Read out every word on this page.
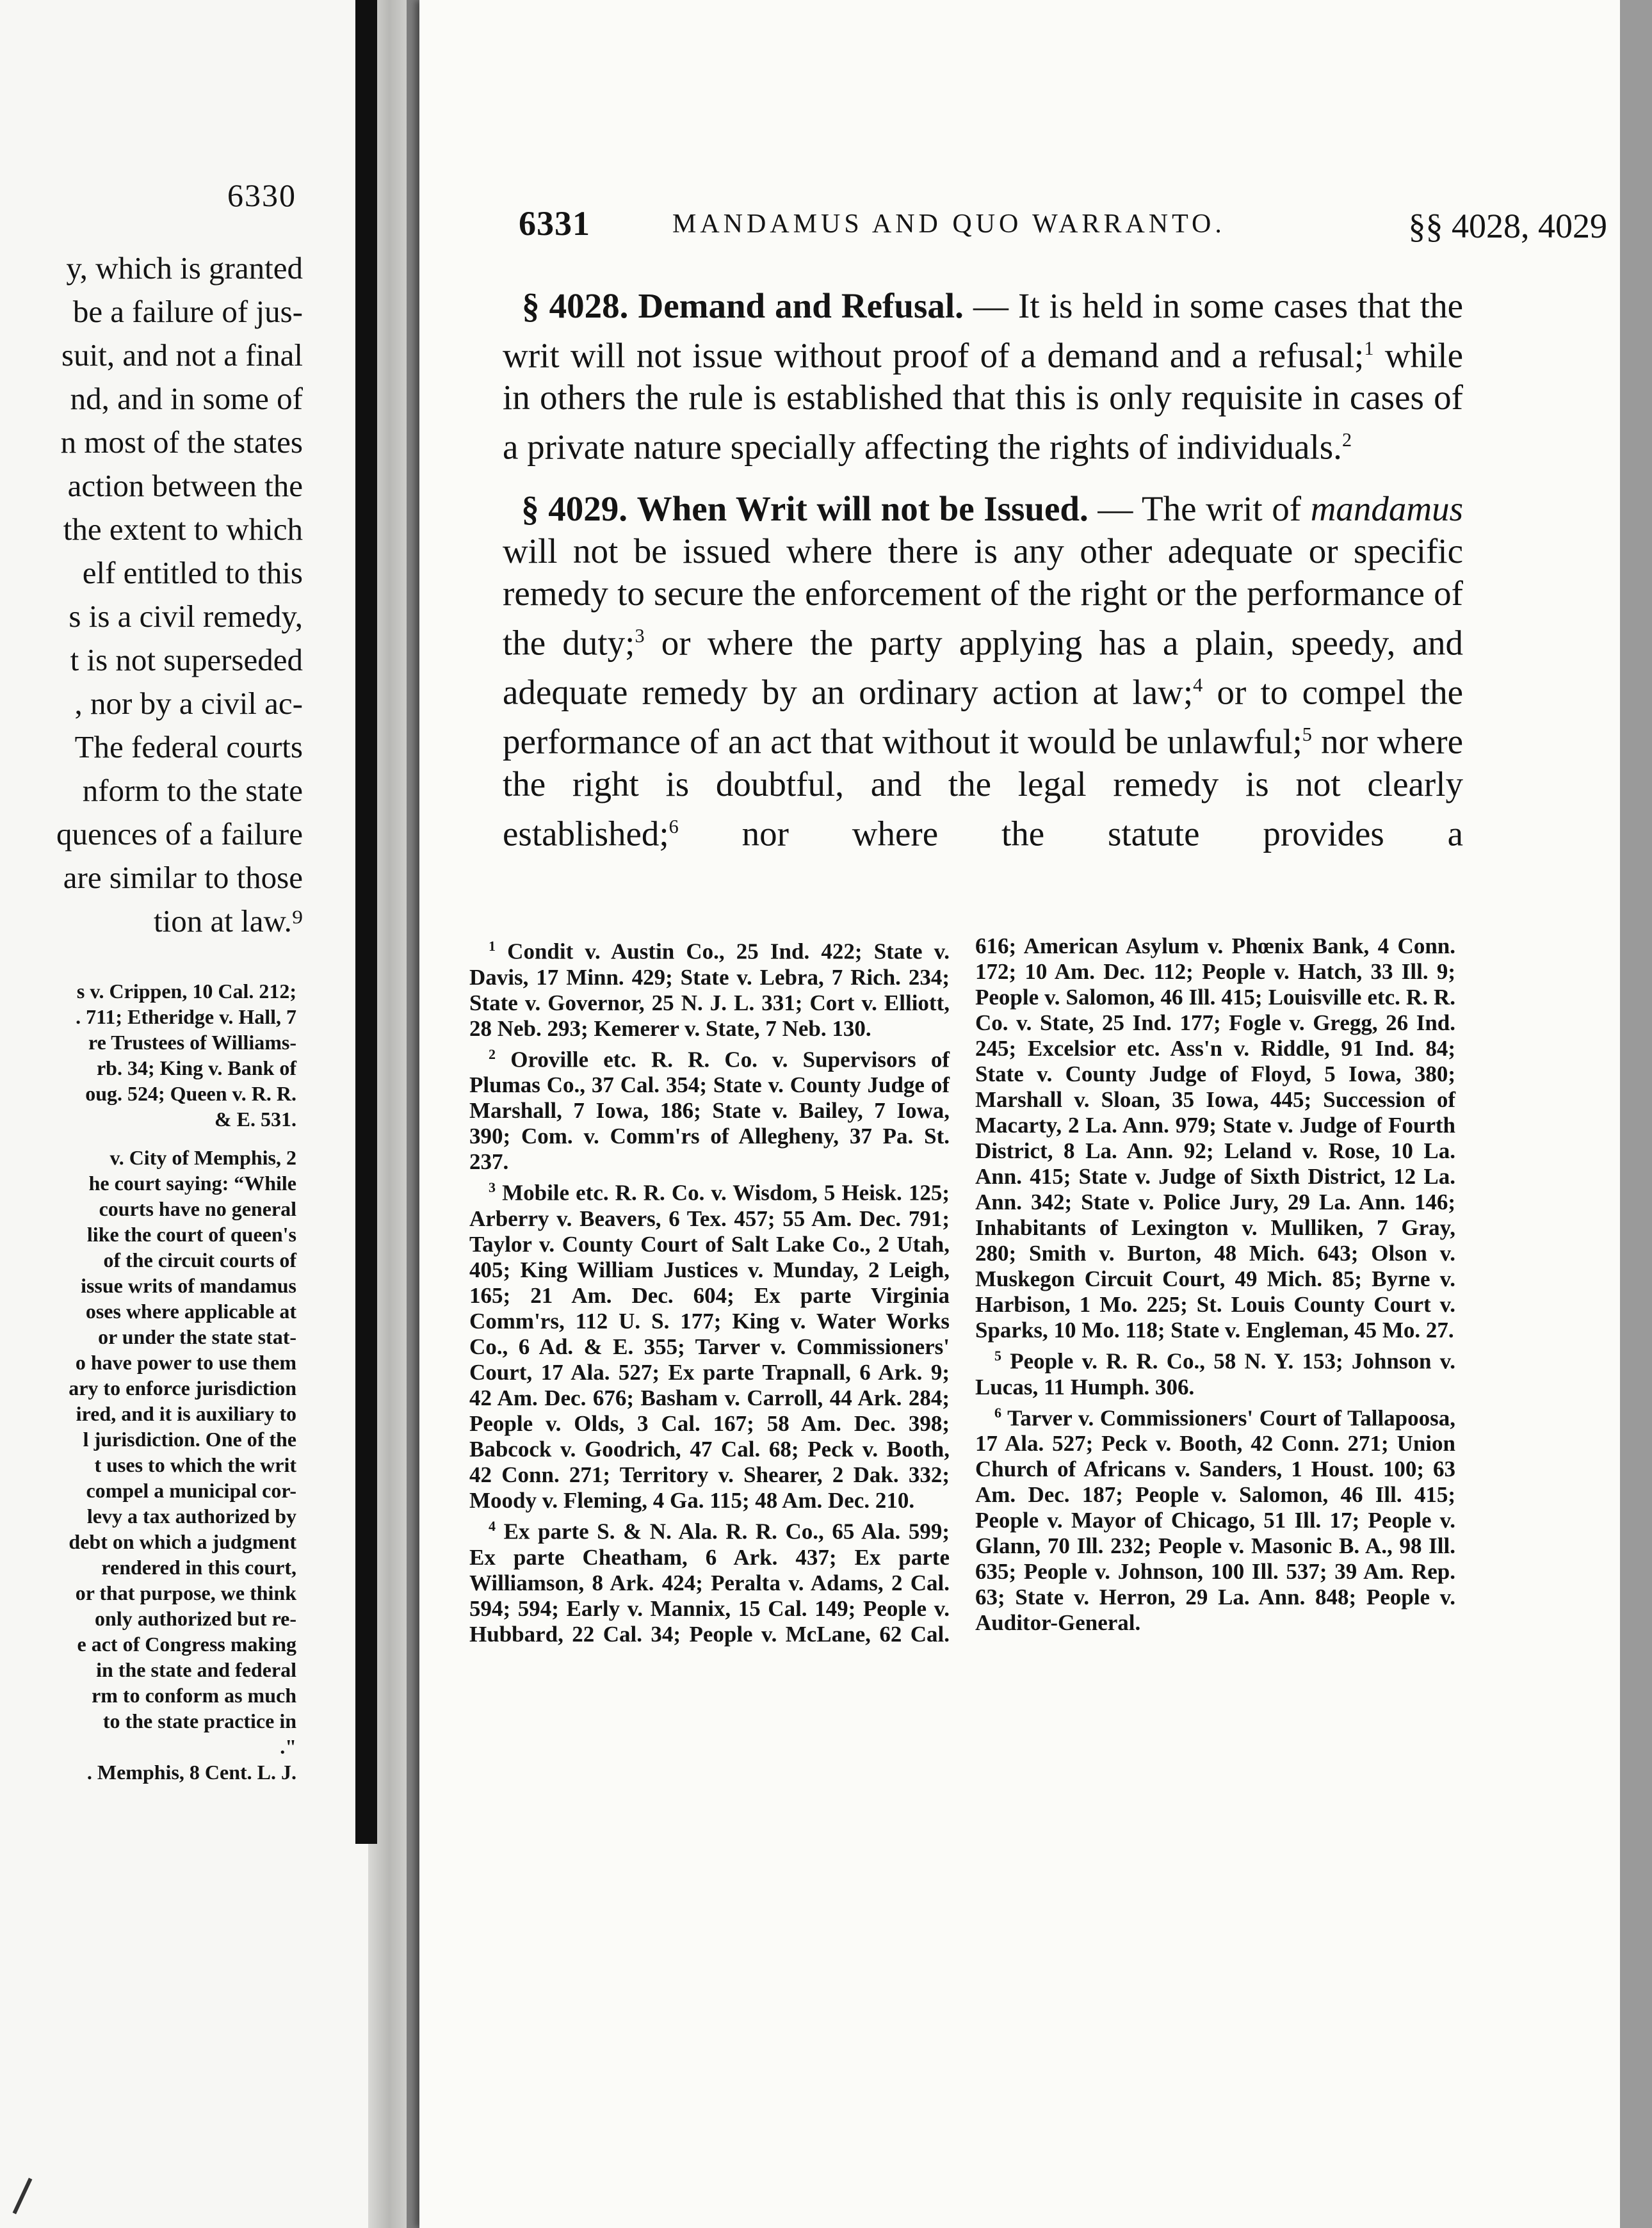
6330
y, which is granted
be a failure of jus-
suit, and not a final
nd, and in some of
n most of the states
action between the
the extent to which
elf entitled to this
s is a civil remedy,
t is not superseded
, nor by a civil ac-
The federal courts
nform to the state
quences of a failure
are similar to those
tion at law.⁹
s v. Crippen, 10 Cal. 212;
. 711; Etheridge v. Hall, 7
re Trustees of Williams-
rb. 34; King v. Bank of
oug. 524; Queen v. R. R.
& E. 531.
v. City of Memphis, 2
he court saying: “While
courts have no general
like the court of queen's
of the circuit courts of
issue writs of mandamus
oses where applicable at
or under the state stat-
o have power to use them
ary to enforce jurisdiction
ired, and it is auxiliary to
l jurisdiction. One of the
t uses to which the writ
compel a municipal cor-
levy a tax authorized by
debt on which a judgment
rendered in this court,
or that purpose, we think
only authorized but re-
e act of Congress making
in the state and federal
rm to conform as much
to the state practice in
."
. Memphis, 8 Cent. L. J.
6331	MANDAMUS AND QUO WARRANTO.	§§ 4028, 4029

§ 4028. Demand and Refusal. — It is held in some cases that the writ will not issue without proof of a demand and a refusal;$^1$ while in others the rule is established that this is only requisite in cases of a private nature specially affecting the rights of individuals.$^2$

§ 4029. When Writ will not be Issued. — The writ of mandamus will not be issued where there is any other adequate or specific remedy to secure the enforcement of the right or the performance of the duty;$^3$ or where the party applying has a plain, speedy, and adequate remedy by an ordinary action at law;$^4$ or to compel the performance of an act that without it would be unlawful;$^5$ nor where the right is doubtful, and the legal remedy is not clearly established;$^6$ nor where the statute provides a

$^1$ Condit v. Austin Co., 25 Ind. 422; State v. Davis, 17 Minn. 429; State v. Lebra, 7 Rich. 234; State v. Governor, 25 N. J. L. 331; Cort v. Elliott, 28 Neb. 293; Kemerer v. State, 7 Neb. 130.

$^2$ Oroville etc. R. R. Co. v. Supervisors of Plumas Co., 37 Cal. 354; State v. County Judge of Marshall, 7 Iowa, 186; State v. Bailey, 7 Iowa, 390; Com. v. Comm'rs of Allegheny, 37 Pa. St. 237.

$^3$ Mobile etc. R. R. Co. v. Wisdom, 5 Heisk. 125; Arberry v. Beavers, 6 Tex. 457; 55 Am. Dec. 791; Taylor v. County Court of Salt Lake Co., 2 Utah, 405; King William Justices v. Munday, 2 Leigh, 165; 21 Am. Dec. 604; Ex parte Virginia Comm'rs, 112 U. S. 177; King v. Water Works Co., 6 Ad. & E. 355; Tarver v. Commissioners' Court, 17 Ala. 527; Ex parte Trapnall, 6 Ark. 9; 42 Am. Dec. 676; Basham v. Carroll, 44 Ark. 284; People v. Olds, 3 Cal. 167; 58 Am. Dec. 398; Babcock v. Goodrich, 47 Cal. 68; Peck v. Booth, 42 Conn. 271; Territory v. Shearer, 2 Dak. 332; Moody v. Fleming, 4 Ga. 115; 48 Am. Dec. 210.

$^4$ Ex parte S. & N. Ala. R. R. Co., 65 Ala. 599; Ex parte Cheatham, 6 Ark. 437; Ex parte Williamson, 8 Ark. 424; Peralta v. Adams, 2 Cal. 594; 594; Early v. Mannix, 15 Cal. 149; People v. Hubbard, 22 Cal. 34; People v. McLane, 62 Cal. 616; American Asylum v. Phœnix Bank, 4 Conn. 172; 10 Am. Dec. 112; People v. Hatch, 33 Ill. 9; People v. Salomon, 46 Ill. 415; Louisville etc. R. R. Co. v. State, 25 Ind. 177; Fogle v. Gregg, 26 Ind. 245; Excelsior etc. Ass'n v. Riddle, 91 Ind. 84; State v. County Judge of Floyd, 5 Iowa, 380; Marshall v. Sloan, 35 Iowa, 445; Succession of Macarty, 2 La. Ann. 979; State v. Judge of Fourth District, 8 La. Ann. 92; Leland v. Rose, 10 La. Ann. 415; State v. Judge of Sixth District, 12 La. Ann. 342; State v. Police Jury, 29 La. Ann. 146; Inhabitants of Lexington v. Mulliken, 7 Gray, 280; Smith v. Burton, 48 Mich. 643; Olson v. Muskegon Circuit Court, 49 Mich. 85; Byrne v. Harbison, 1 Mo. 225; St. Louis County Court v. Sparks, 10 Mo. 118; State v. Engleman, 45 Mo. 27.

$^5$ People v. R. R. Co., 58 N. Y. 153; Johnson v. Lucas, 11 Humph. 306.

$^6$ Tarver v. Commissioners' Court of Tallapoosa, 17 Ala. 527; Peck v. Booth, 42 Conn. 271; Union Church of Africans v. Sanders, 1 Houst. 100; 63 Am. Dec. 187; People v. Salomon, 46 Ill. 415; People v. Mayor of Chicago, 51 Ill. 17; People v. Glann, 70 Ill. 232; People v. Masonic B. A., 98 Ill. 635; People v. Johnson, 100 Ill. 537; 39 Am. Rep. 63; State v. Herron, 29 La. Ann. 848; People v. Auditor-General.
